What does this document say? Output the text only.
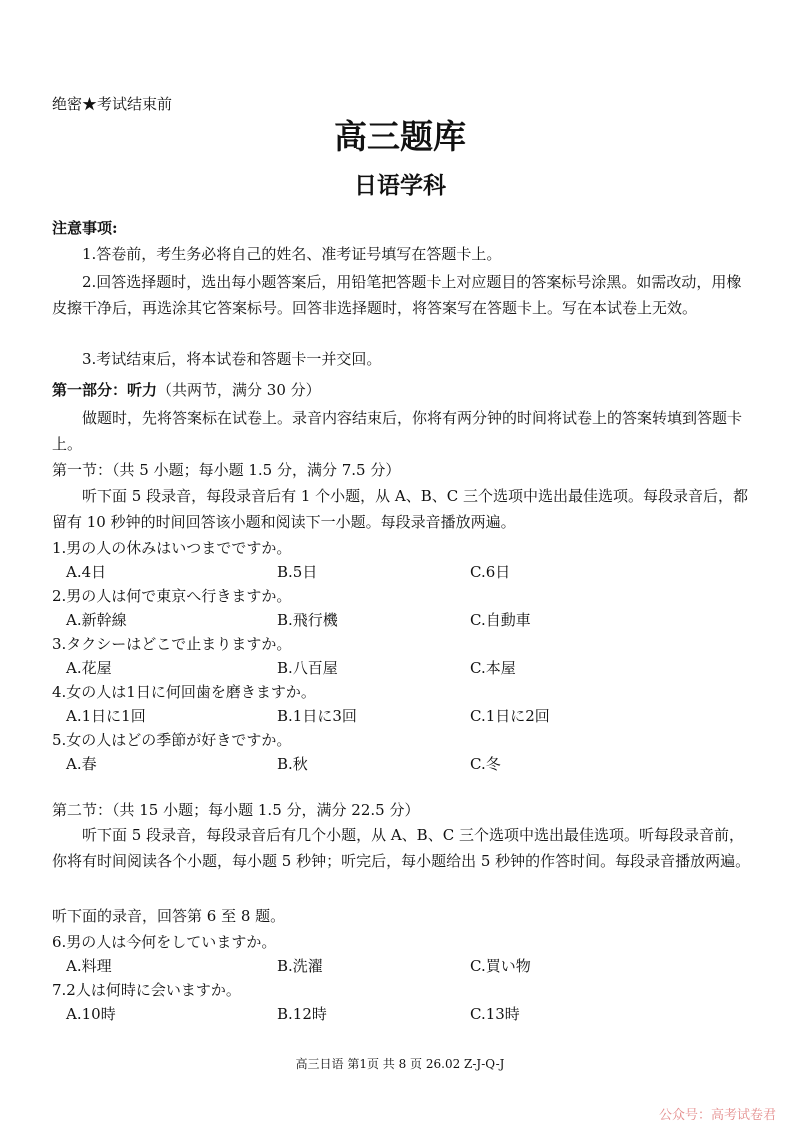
绝密★考试结束前
高三题库
日语学科
注意事项:
1.答卷前，考生务必将自己的姓名、准考证号填写在答题卡上。
2.回答选择题时，选出每小题答案后，用铅笔把答题卡上对应题目的答案标号涂黑。如需改动，用橡皮擦干净后，再选涂其它答案标号。回答非选择题时，将答案写在答题卡上。写在本试卷上无效。
3.考试结束后，将本试卷和答题卡一并交回。
第一部分：听力（共两节，满分 30 分）
做题时，先将答案标在试卷上。录音内容结束后，你将有两分钟的时间将试卷上的答案转填到答题卡上。
第一节：（共 5 小题；每小题 1.5 分，满分 7.5 分）
听下面 5 段录音，每段录音后有 1 个小题，从 A、B、C 三个选项中选出最佳选项。每段录音后，都留有 10 秒钟的时间回答该小题和阅读下一小题。每段录音播放两遍。
1.男の人の休みはいつまでですか。
A.4日	B.5日	C.6日
2.男の人は何で東京へ行きますか。
A.新幹線	B.飛行機	C.自動車
3.タクシーはどこで止まりますか。
A.花屋	B.八百屋	C.本屋
4.女の人は1日に何回歯を磨きますか。
A.1日に1回	B.1日に3回	C.1日に2回
5.女の人はどの季節が好きですか。
A.春	B.秋	C.冬
第二节：（共 15 小题；每小题 1.5 分，满分 22.5 分）
听下面 5 段录音，每段录音后有几个小题，从 A、B、C 三个选项中选出最佳选项。听每段录音前，你将有时间阅读各个小题，每小题 5 秒钟；听完后，每小题给出 5 秒钟的作答时间。每段录音播放两遍。
听下面的录音，回答第 6 至 8 题。
6.男の人は今何をしていますか。
A.料理	B.洗濯	C.買い物
7.2人は何時に会いますか。
A.10時	B.12時	C.13時
高三日语 第1页 共 8 页 26.02 Z-J-Q-J
公众号：高考试卷君
